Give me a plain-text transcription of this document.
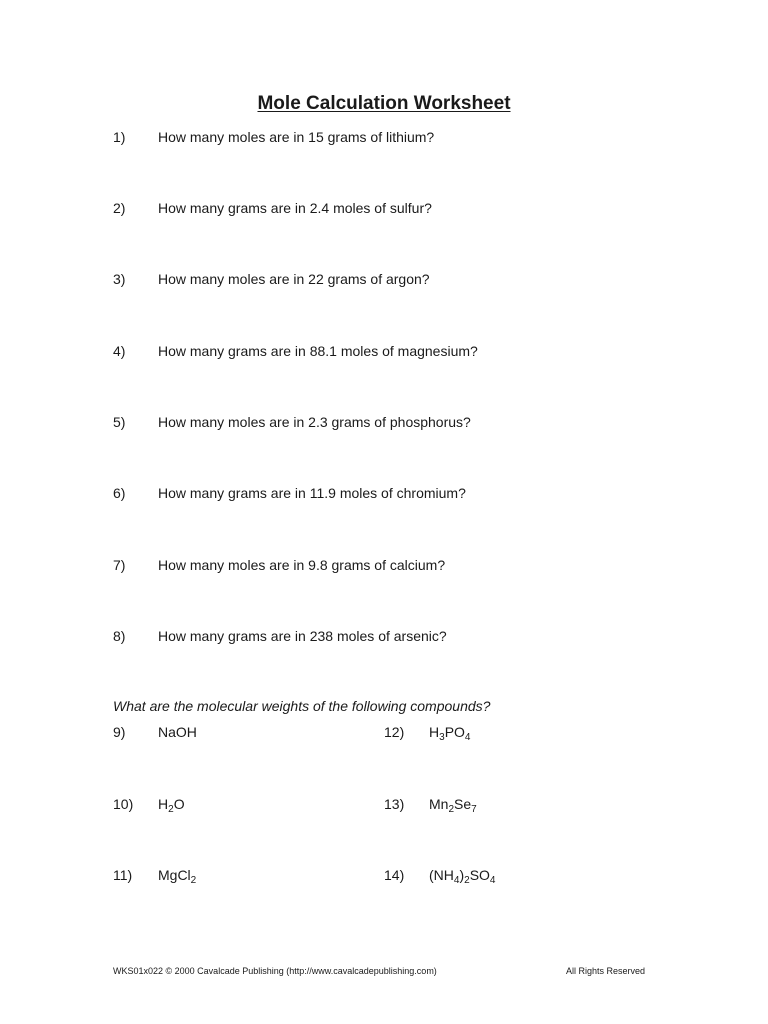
Mole Calculation Worksheet
1) How many moles are in 15 grams of lithium?
2) How many grams are in 2.4 moles of sulfur?
3) How many moles are in 22 grams of argon?
4) How many grams are in 88.1 moles of magnesium?
5) How many moles are in 2.3 grams of phosphorus?
6) How many grams are in 11.9 moles of chromium?
7) How many moles are in 9.8 grams of calcium?
8) How many grams are in 238 moles of arsenic?
What are the molecular weights of the following compounds?
9) NaOH
10) $H_2O$
11) MgCl$_2$
12) $H_3PO_4$
13) $Mn_2Se_7$
14) $(NH_4)_2SO_4$
WKS01x022 © 2000 Cavalcade Publishing (http://www.cavalcadepublishing.com)	All Rights Reserved
